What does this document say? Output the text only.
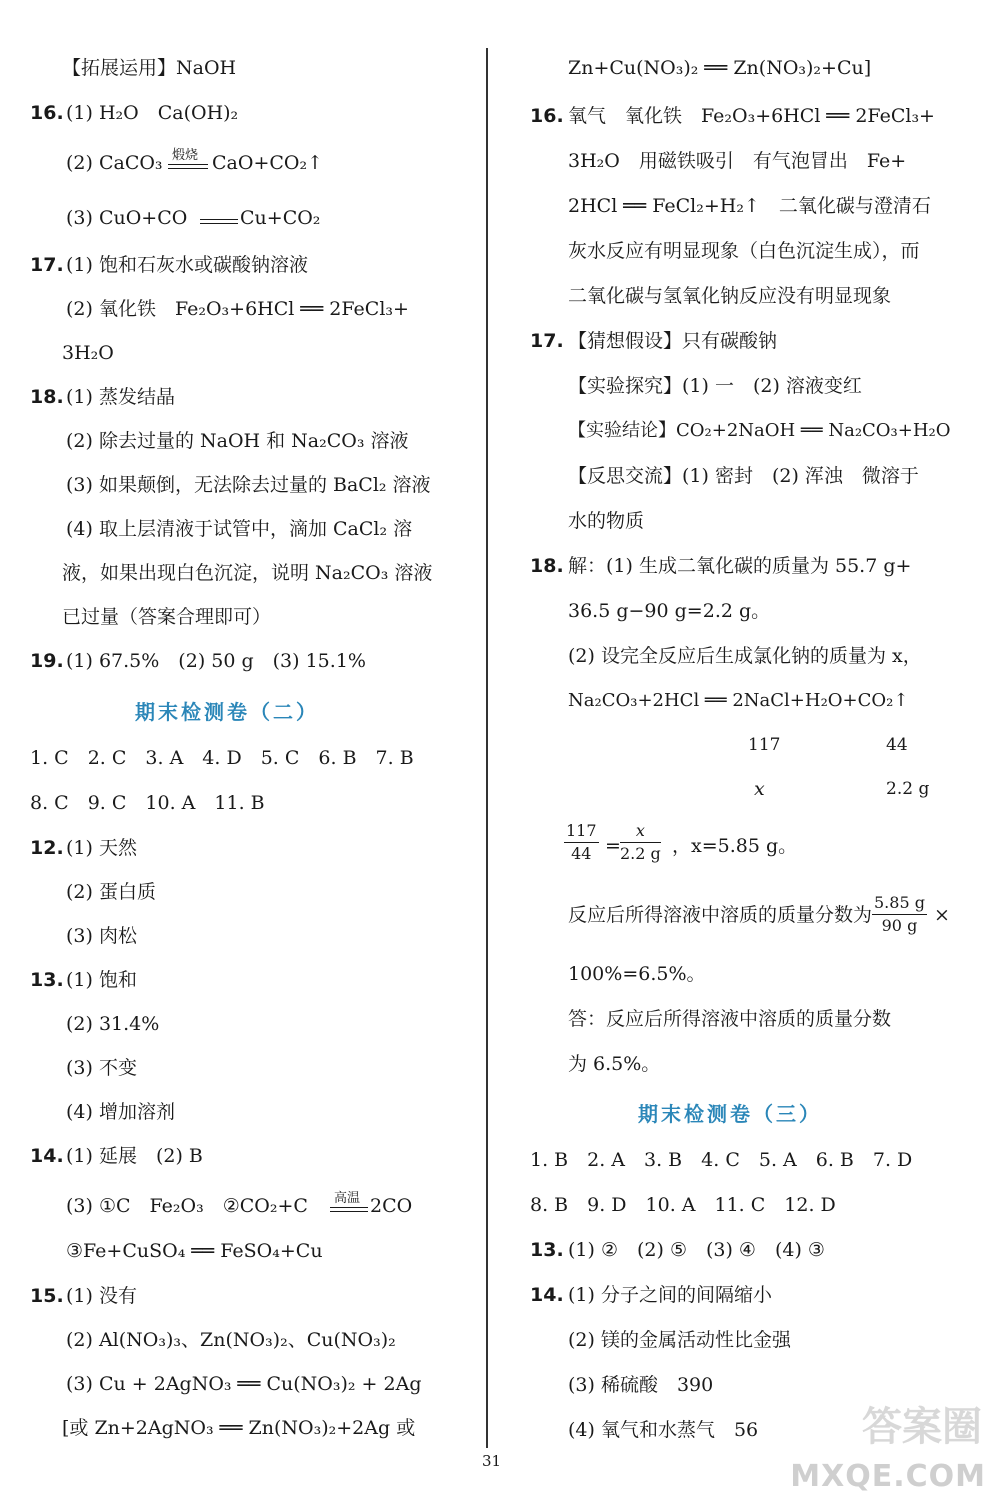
【拓展运用】NaOH
16. (1) H₂O　Ca(OH)₂
(2) CaCO₃ 煅烧 CaO+CO₂↑
(3) CuO+CO	Cu+CO₂
17. (1) 饱和石灰水或碳酸钠溶液
(2) 氧化铁　Fe₂O₃+6HCl ══ 2FeCl₃+
3H₂O
18. (1) 蒸发结晶
(2) 除去过量的 NaOH 和 Na₂CO₃ 溶液
(3) 如果颠倒，无法除去过量的 BaCl₂ 溶液
(4) 取上层清液于试管中，滴加 CaCl₂ 溶
液，如果出现白色沉淀，说明 Na₂CO₃ 溶液
已过量（答案合理即可）
19. (1) 67.5%　(2) 50 g　(3) 15.1%
期末检测卷（二）
1. C　2. C　3. A　4. D　5. C　6. B　7. B
8. C　9. C　10. A　11. B
12. (1) 天然
(2) 蛋白质
(3) 肉松
13. (1) 饱和
(2) 31.4%
(3) 不变
(4) 增加溶剂
14. (1) 延展　(2) B
(3) ①C　Fe₂O₃　②CO₂+C 高温 2CO
③Fe+CuSO₄ ══ FeSO₄+Cu
15. (1) 没有
(2) Al(NO₃)₃、Zn(NO₃)₂、Cu(NO₃)₂
(3) Cu + 2AgNO₃ ══ Cu(NO₃)₂ + 2Ag
[或 Zn+2AgNO₃ ══ Zn(NO₃)₂+2Ag 或
Zn+Cu(NO₃)₂ ══ Zn(NO₃)₂+Cu]
16. 氧气　氧化铁　Fe₂O₃+6HCl ══ 2FeCl₃+
3H₂O　用磁铁吸引　有气泡冒出　Fe+
2HCl ══ FeCl₂+H₂↑　二氧化碳与澄清石
灰水反应有明显现象（白色沉淀生成），而
二氧化碳与氢氧化钠反应没有明显现象
17. 【猜想假设】只有碳酸钠
【实验探究】(1) 一　(2) 溶液变红
【实验结论】CO₂+2NaOH ══ Na₂CO₃+H₂O
【反思交流】(1) 密封　(2) 浑浊　微溶于
水的物质
18. 解：(1) 生成二氧化碳的质量为 55.7 g+
36.5 g−90 g=2.2 g。
(2) 设完全反应后生成氯化钠的质量为 x，
Na₂CO₃+2HCl ══ 2NaCl+H₂O+CO₂↑
117	44
x	2.2 g
$\frac{117}{44} = \frac{x}{2.2 g}$ ，x=5.85 g。
反应后所得溶液中溶质的质量分数为 $\frac{5.85 g}{90 g}$ ×
100%=6.5%。
答：反应后所得溶液中溶质的质量分数
为 6.5%。
期末检测卷（三）
1. B　2. A　3. B　4. C　5. A　6. B　7. D
8. B　9. D　10. A　11. C　12. D
13. (1) ②　(2) ⑤　(3) ④　(4) ③
14. (1) 分子之间的间隔缩小
(2) 镁的金属活动性比金强
(3) 稀硫酸　390
(4) 氧气和水蒸气　56
31
答案圈
MXQE.COM
